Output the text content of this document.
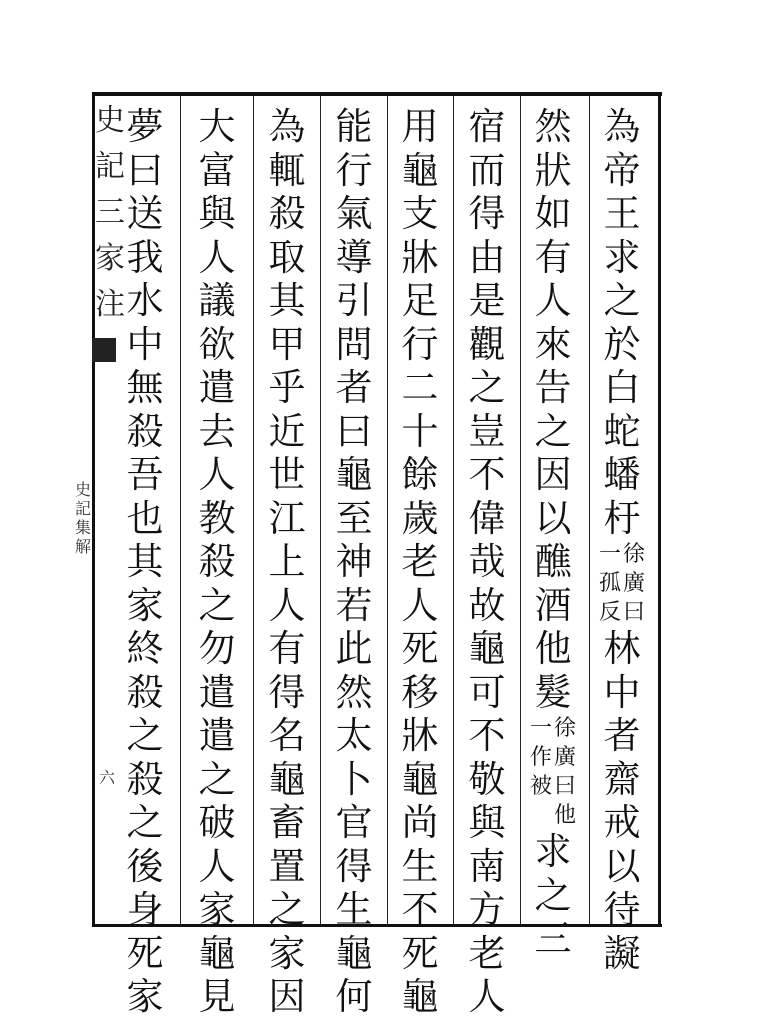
史
記
三
家
注
史
記
集
解
六
為
帝
王
求
之
於
白
蛇
蟠
杅
徐
廣
曰
一
孤
反
林
中
者
齋
戒
以
待
譺
然
狀
如
有
人
來
告
之
因
以
醮
酒
他
髮
徐
廣
曰
他
一
作
被
求
之
三
宿
而
得
由
是
觀
之
豈
不
偉
哉
故
龜
可
不
敬
與
南
方
老
人
用
龜
支
牀
足
行
二
十
餘
歲
老
人
死
移
牀
龜
尚
生
不
死
龜
能
行
氣
導
引
問
者
曰
龜
至
神
若
此
然
太
卜
官
得
生
龜
何
為
輒
殺
取
其
甲
乎
近
世
江
上
人
有
得
名
龜
畜
置
之
家
因
大
富
與
人
議
欲
遣
去
人
教
殺
之
勿
遣
遣
之
破
人
家
龜
見
夢
曰
送
我
水
中
無
殺
吾
也
其
家
終
殺
之
殺
之
後
身
死
家
